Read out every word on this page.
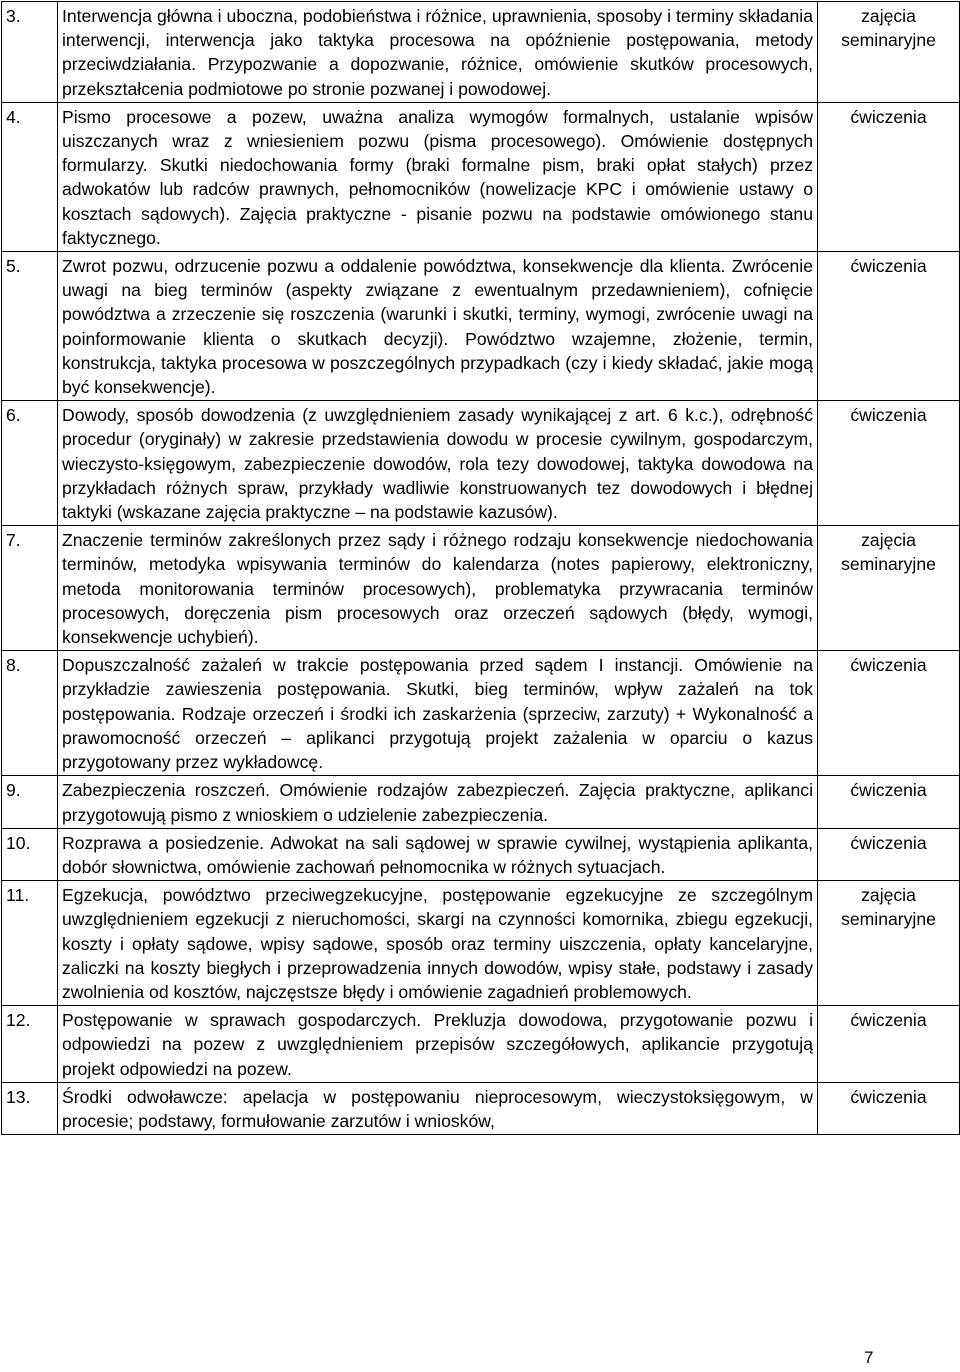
3.	Interwencja główna i uboczna, podobieństwa i różnice, uprawnienia, sposoby i terminy składania interwencji, interwencja jako taktyka procesowa na opóźnienie postępowania, metody przeciwdziałania. Przypozwanie a dopozwanie, różnice, omówienie skutków procesowych, przekształcenia podmiotowe po stronie pozwanej i powodowej.	zajęcia seminaryjne
4.	Pismo procesowe a pozew, uważna analiza wymogów formalnych, ustalanie wpisów uiszczanych wraz z wniesieniem pozwu (pisma procesowego). Omówienie dostępnych formularzy. Skutki niedochowania formy (braki formalne pism, braki opłat stałych) przez adwokatów lub radców prawnych, pełnomocników (nowelizacje KPC i omówienie ustawy o kosztach sądowych). Zajęcia praktyczne - pisanie pozwu na podstawie omówionego stanu faktycznego.	ćwiczenia
5.	Zwrot pozwu, odrzucenie pozwu a oddalenie powództwa, konsekwencje dla klienta. Zwrócenie uwagi na bieg terminów (aspekty związane z ewentualnym przedawnieniem), cofnięcie powództwa a zrzeczenie się roszczenia (warunki i skutki, terminy, wymogi, zwrócenie uwagi na poinformowanie klienta o skutkach decyzji). Powództwo wzajemne, złożenie, termin, konstrukcja, taktyka procesowa w poszczególnych przypadkach (czy i kiedy składać, jakie mogą być konsekwencje).	ćwiczenia
6.	Dowody, sposób dowodzenia (z uwzględnieniem zasady wynikającej z art. 6 k.c.), odrębność procedur (oryginały) w zakresie przedstawienia dowodu w procesie cywilnym, gospodarczym, wieczysto-księgowym, zabezpieczenie dowodów, rola tezy dowodowej, taktyka dowodowa na przykładach różnych spraw, przykłady wadliwie konstruowanych tez dowodowych i błędnej taktyki (wskazane zajęcia praktyczne – na podstawie kazusów).	ćwiczenia
7.	Znaczenie terminów zakreślonych przez sądy i różnego rodzaju konsekwencje niedochowania terminów, metodyka wpisywania terminów do kalendarza (notes papierowy, elektroniczny, metoda monitorowania terminów procesowych), problematyka przywracania terminów procesowych, doręczenia pism procesowych oraz orzeczeń sądowych (błędy, wymogi, konsekwencje uchybień).	zajęcia seminaryjne
8.	Dopuszczalność zażaleń w trakcie postępowania przed sądem I instancji. Omówienie na przykładzie zawieszenia postępowania. Skutki, bieg terminów, wpływ zażaleń na tok postępowania. Rodzaje orzeczeń i środki ich zaskarżenia (sprzeciw, zarzuty) + Wykonalność a prawomocność orzeczeń – aplikanci przygotują projekt zażalenia w oparciu o kazus przygotowany przez wykładowcę.	ćwiczenia
9.	Zabezpieczenia roszczeń. Omówienie rodzajów zabezpieczeń. Zajęcia praktyczne, aplikanci przygotowują pismo z wnioskiem o udzielenie zabezpieczenia.	ćwiczenia
10.	Rozprawa a posiedzenie. Adwokat na sali sądowej w sprawie cywilnej, wystąpienia aplikanta, dobór słownictwa, omówienie zachowań pełnomocnika w różnych sytuacjach.	ćwiczenia
11.	Egzekucja, powództwo przeciwegzekucyjne, postępowanie egzekucyjne ze szczególnym uwzględnieniem egzekucji z nieruchomości, skargi na czynności komornika, zbiegu egzekucji, koszty i opłaty sądowe, wpisy sądowe, sposób oraz terminy uiszczenia, opłaty kancelaryjne, zaliczki na koszty biegłych i przeprowadzenia innych dowodów, wpisy stałe, podstawy i zasady zwolnienia od kosztów, najczęstsze błędy i omówienie zagadnień problemowych.	zajęcia seminaryjne
12.	Postępowanie w sprawach gospodarczych. Prekluzja dowodowa, przygotowanie pozwu i odpowiedzi na pozew z uwzględnieniem przepisów szczegółowych, aplikancie przygotują projekt odpowiedzi na pozew.	ćwiczenia
13.	Środki odwoławcze: apelacja w postępowaniu nieprocesowym, wieczystoksięgowym, w procesie; podstawy, formułowanie zarzutów i wniosków,	ćwiczenia
7
